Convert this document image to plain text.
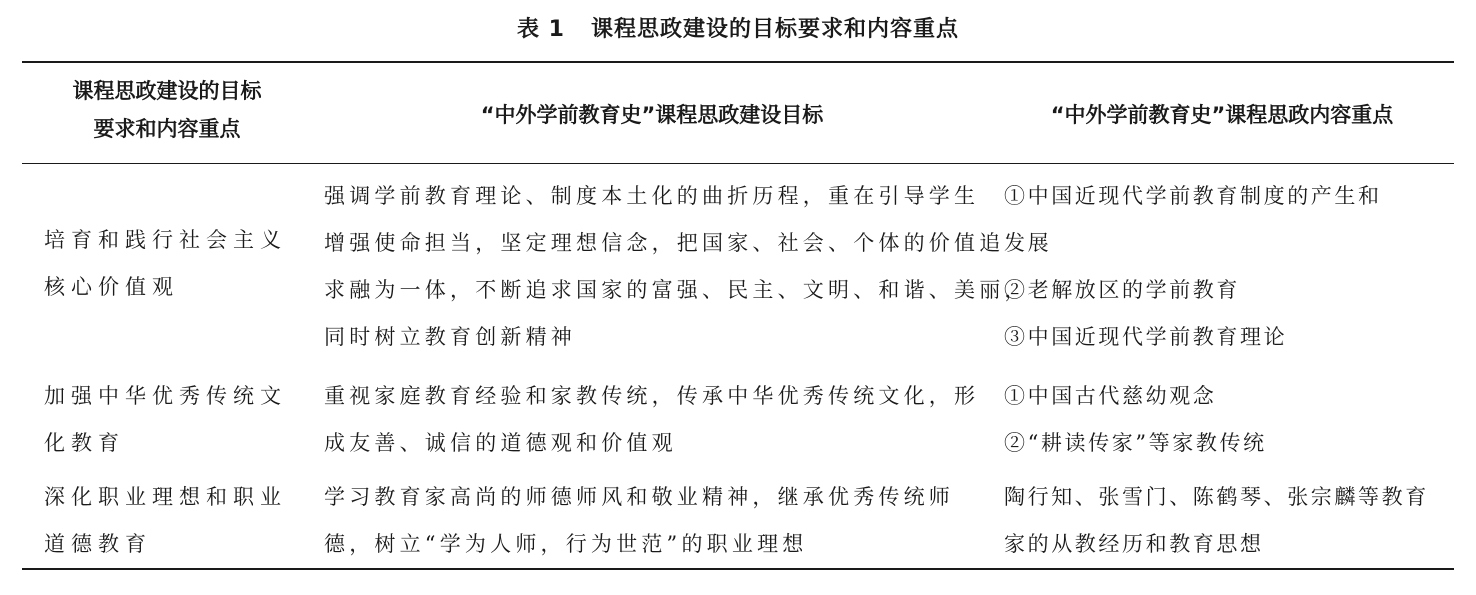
表 1   课程思政建设的目标要求和内容重点
课程思政建设的目标
要求和内容重点
“中外学前教育史”课程思政建设目标	“中外学前教育史”课程思政内容重点
培育和践行社会主义
核心价值观
强调学前教育理论、制度本土化的曲折历程，重在引导学生
增强使命担当，坚定理想信念，把国家、社会、个体的价值追
求融为一体，不断追求国家的富强、民主、文明、和谐、美丽，
同时树立教育创新精神
①中国近现代学前教育制度的产生和
发展
②老解放区的学前教育
③中国近现代学前教育理论
加强中华优秀传统文
化教育
重视家庭教育经验和家教传统，传承中华优秀传统文化，形
成友善、诚信的道德观和价值观
①中国古代慈幼观念
②“耕读传家”等家教传统
深化职业理想和职业
道德教育
学习教育家高尚的师德师风和敬业精神，继承优秀传统师
德，树立“学为人师，行为世范”的职业理想
陶行知、张雪门、陈鹤琴、张宗麟等教育
家的从教经历和教育思想
